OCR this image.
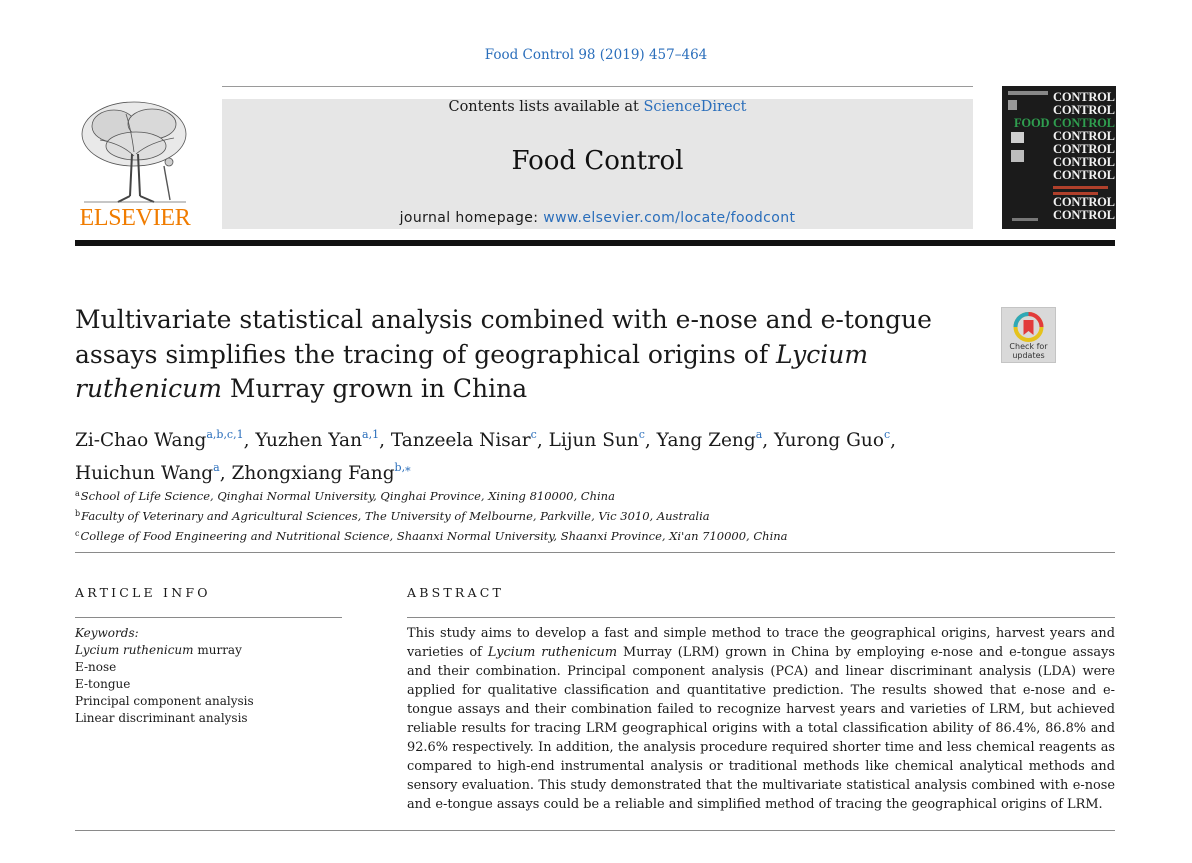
Food Control 98 (2019) 457–464
ELSEVIER
Contents lists available at ScienceDirect
Food Control
journal homepage: www.elsevier.com/locate/foodcont
CONTROL
CONTROL
FOOD CONTROL
CONTROL
CONTROL
CONTROL
CONTROL
CONTROL
CONTROL
Multivariate statistical analysis combined with e-nose and e-tongue assays simplifies the tracing of geographical origins of Lycium ruthenicum Murray grown in China
Check for
updates
Zi-Chao Wang$^{a,b,c,1}$, Yuzhen Yan$^{a,1}$, Tanzeela Nisar$^c$, Lijun Sun$^c$, Yang Zeng$^a$, Yurong Guo$^c$,
Huichun Wang$^a$, Zhongxiang Fang$^{b,⁎}$
$^a$School of Life Science, Qinghai Normal University, Qinghai Province, Xining 810000, China
$^b$Faculty of Veterinary and Agricultural Sciences, The University of Melbourne, Parkville, Vic 3010, Australia
$^c$College of Food Engineering and Nutritional Science, Shaanxi Normal University, Shaanxi Province, Xi'an 710000, China
ARTICLE INFO	ABSTRACT
Keywords:
Lycium ruthenicum murray
E-nose
E-tongue
Principal component analysis
Linear discriminant analysis
This study aims to develop a fast and simple method to trace the geographical origins, harvest years and varieties of Lycium ruthenicum Murray (LRM) grown in China by employing e-nose and e-tongue assays and their combination. Principal component analysis (PCA) and linear discriminant analysis (LDA) were applied for qualitative classification and quantitative prediction. The results showed that e-nose and e-tongue assays and their combination failed to recognize harvest years and varieties of LRM, but achieved reliable results for tracing LRM geographical origins with a total classification ability of 86.4%, 86.8% and 92.6% respectively. In addition, the analysis procedure required shorter time and less chemical reagents as compared to high-end instrumental analysis or traditional methods like chemical analytical methods and sensory evaluation. This study demonstrated that the multivariate statistical analysis combined with e-nose and e-tongue assays could be a reliable and simplified method of tracing the geographical origins of LRM.
